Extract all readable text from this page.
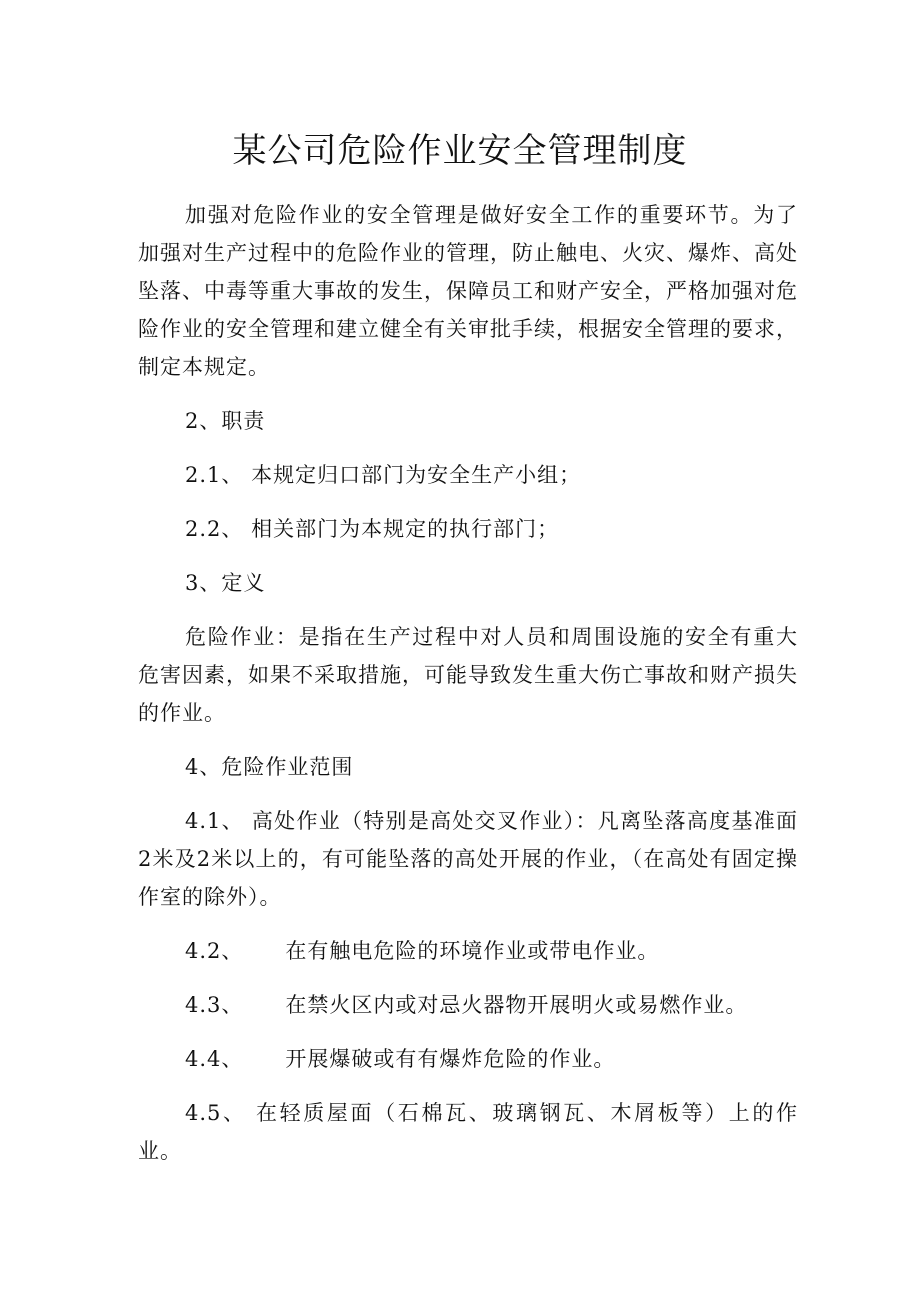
某公司危险作业安全管理制度

加强对危险作业的安全管理是做好安全工作的重要环节。为了加强对生产过程中的危险作业的管理，防止触电、火灾、爆炸、高处坠落、中毒等重大事故的发生，保障员工和财产安全，严格加强对危险作业的安全管理和建立健全有关审批手续，根据安全管理的要求，制定本规定。

2、职责

2.1、 本规定归口部门为安全生产小组；

2.2、 相关部门为本规定的执行部门；

3、定义

危险作业：是指在生产过程中对人员和周围设施的安全有重大危害因素，如果不采取措施，可能导致发生重大伤亡事故和财产损失的作业。

4、危险作业范围

4.1、 高处作业（特别是高处交叉作业）：凡离坠落高度基准面2米及2米以上的，有可能坠落的高处开展的作业，（在高处有固定操作室的除外）。

4.2、 在有触电危险的环境作业或带电作业。

4.3、 在禁火区内或对忌火器物开展明火或易燃作业。

4.4、 开展爆破或有有爆炸危险的作业。

4.5、 在轻质屋面（石棉瓦、玻璃钢瓦、木屑板等）上的作业。
